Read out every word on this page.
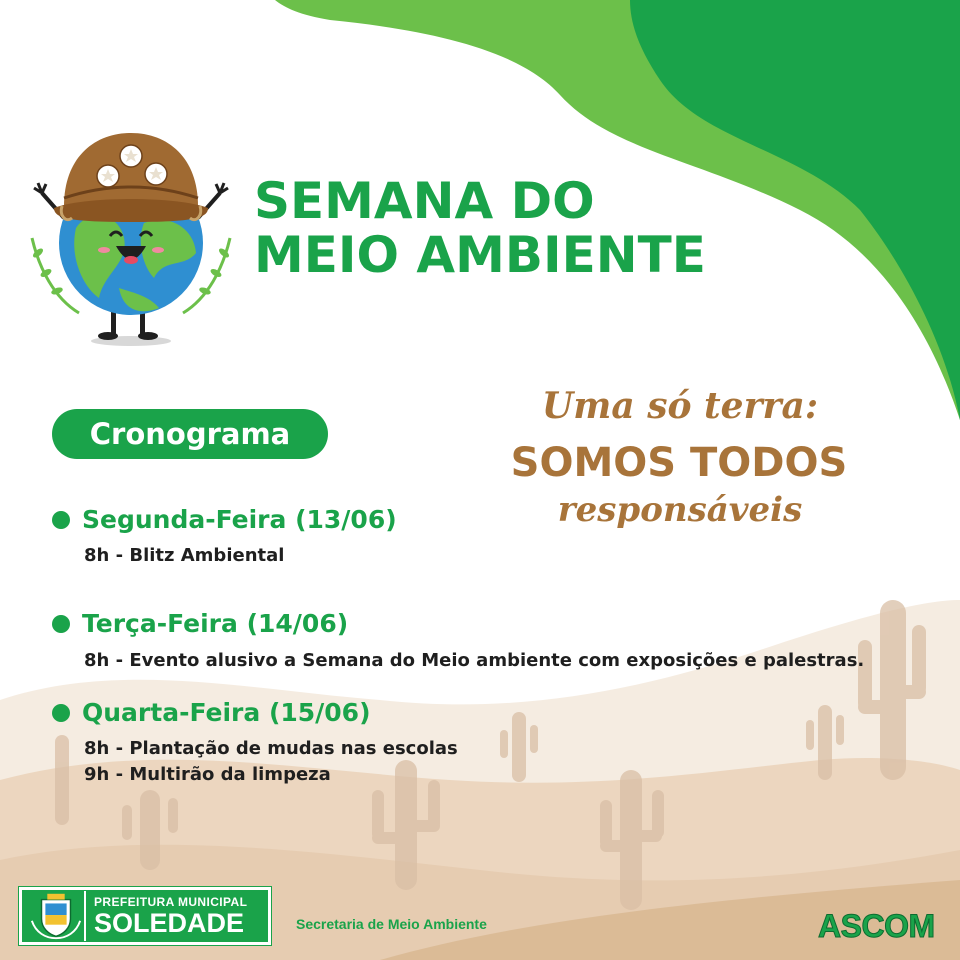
SEMANA DO
MEIO AMBIENTE
Cronograma
Segunda-Feira (13/06)
8h - Blitz Ambiental
Terça-Feira (14/06)
8h - Evento alusivo a Semana do Meio ambiente com exposições e palestras.
Quarta-Feira (15/06)
8h - Plantação de mudas nas escolas
9h - Multirão da limpeza
Uma só terra:
SOMOS TODOS
responsáveis
PREFEITURA MUNICIPAL
SOLEDADE	Secretaria de Meio Ambiente	ASCOM
